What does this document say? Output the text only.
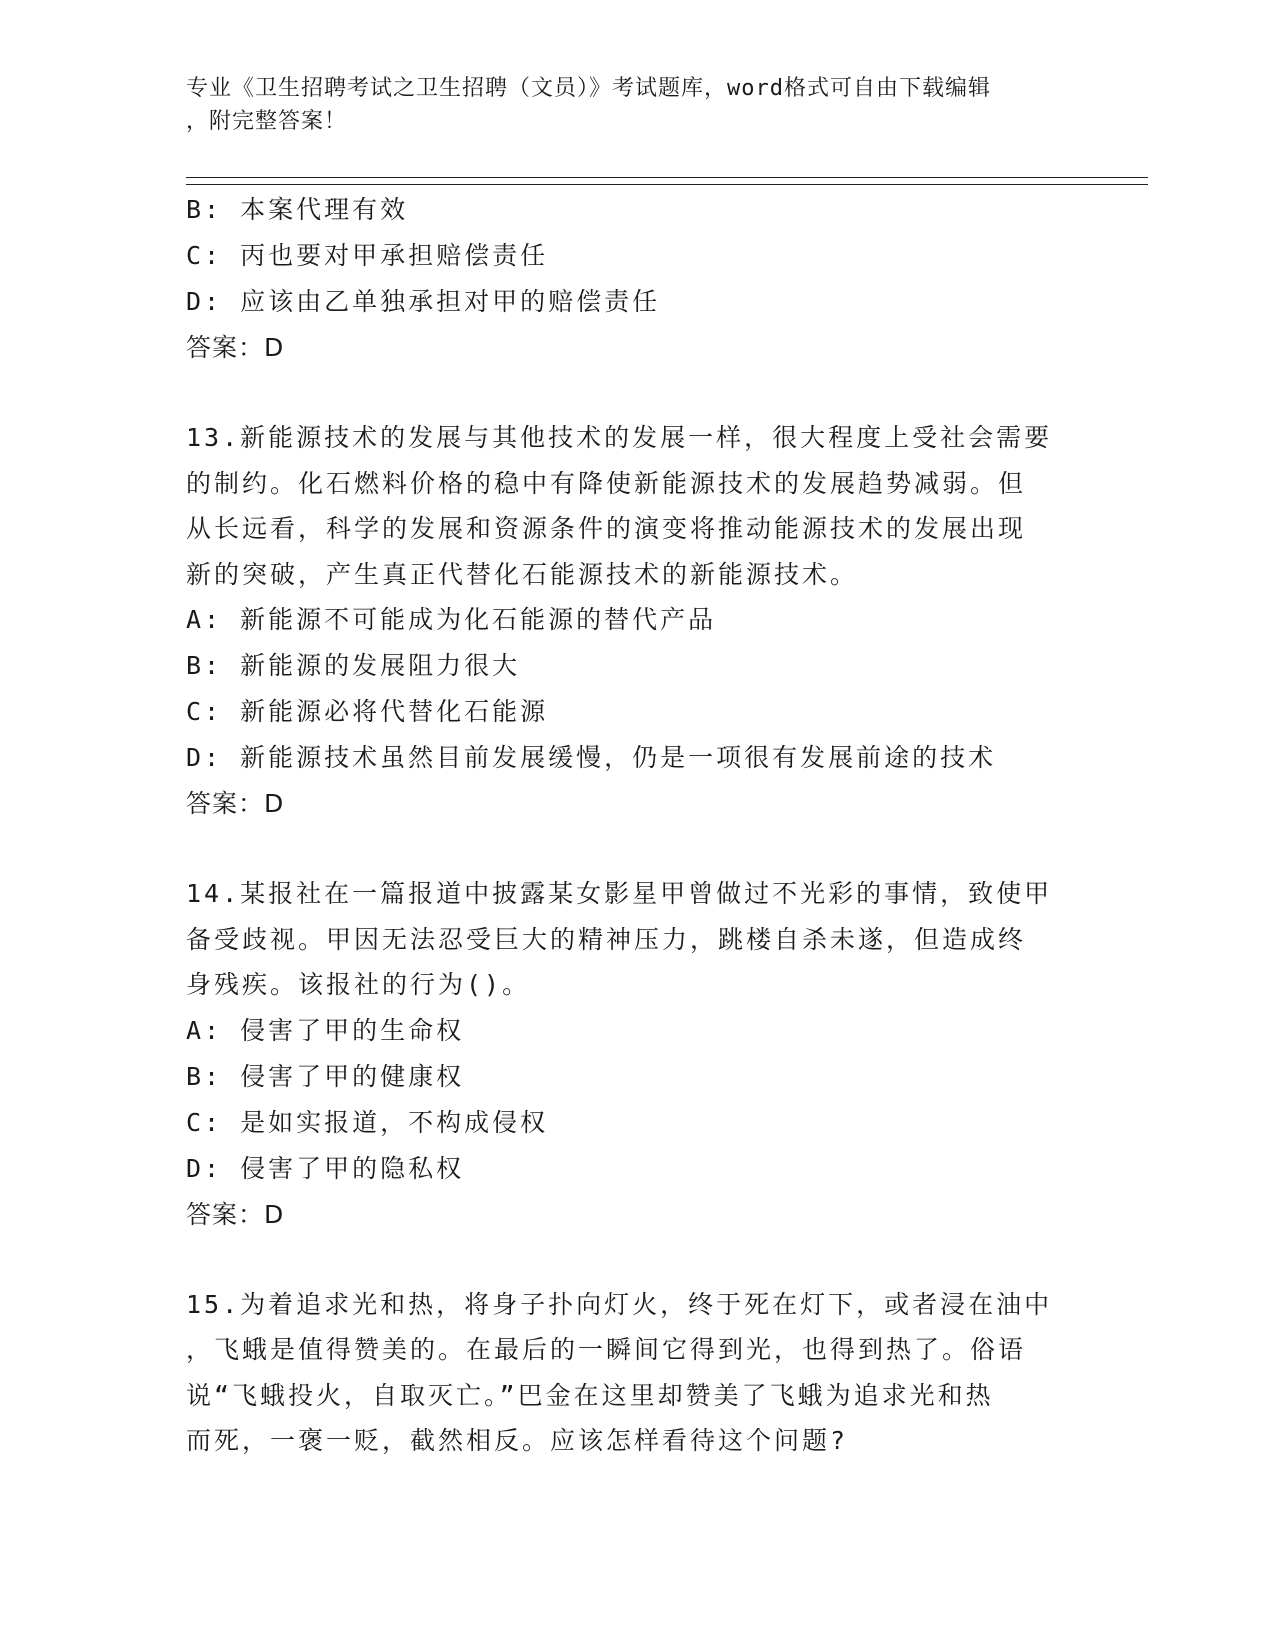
专业《卫生招聘考试之卫生招聘（文员）》考试题库，word格式可自由下载编辑
，附完整答案！
B: 本案代理有效
C: 丙也要对甲承担赔偿责任
D: 应该由乙单独承担对甲的赔偿责任
答案：D
13.新能源技术的发展与其他技术的发展一样，很大程度上受社会需要
的制约。化石燃料价格的稳中有降使新能源技术的发展趋势减弱。但
从长远看，科学的发展和资源条件的演变将推动能源技术的发展出现
新的突破，产生真正代替化石能源技术的新能源技术。
A: 新能源不可能成为化石能源的替代产品
B: 新能源的发展阻力很大
C: 新能源必将代替化石能源
D: 新能源技术虽然目前发展缓慢，仍是一项很有发展前途的技术
答案：D
14.某报社在一篇报道中披露某女影星甲曾做过不光彩的事情，致使甲
备受歧视。甲因无法忍受巨大的精神压力，跳楼自杀未遂，但造成终
身残疾。该报社的行为()。
A: 侵害了甲的生命权
B: 侵害了甲的健康权
C: 是如实报道，不构成侵权
D: 侵害了甲的隐私权
答案：D
15.为着追求光和热，将身子扑向灯火，终于死在灯下，或者浸在油中
，飞蛾是值得赞美的。在最后的一瞬间它得到光，也得到热了。俗语
说“飞蛾投火，自取灭亡。”巴金在这里却赞美了飞蛾为追求光和热
而死，一褒一贬，截然相反。应该怎样看待这个问题?
